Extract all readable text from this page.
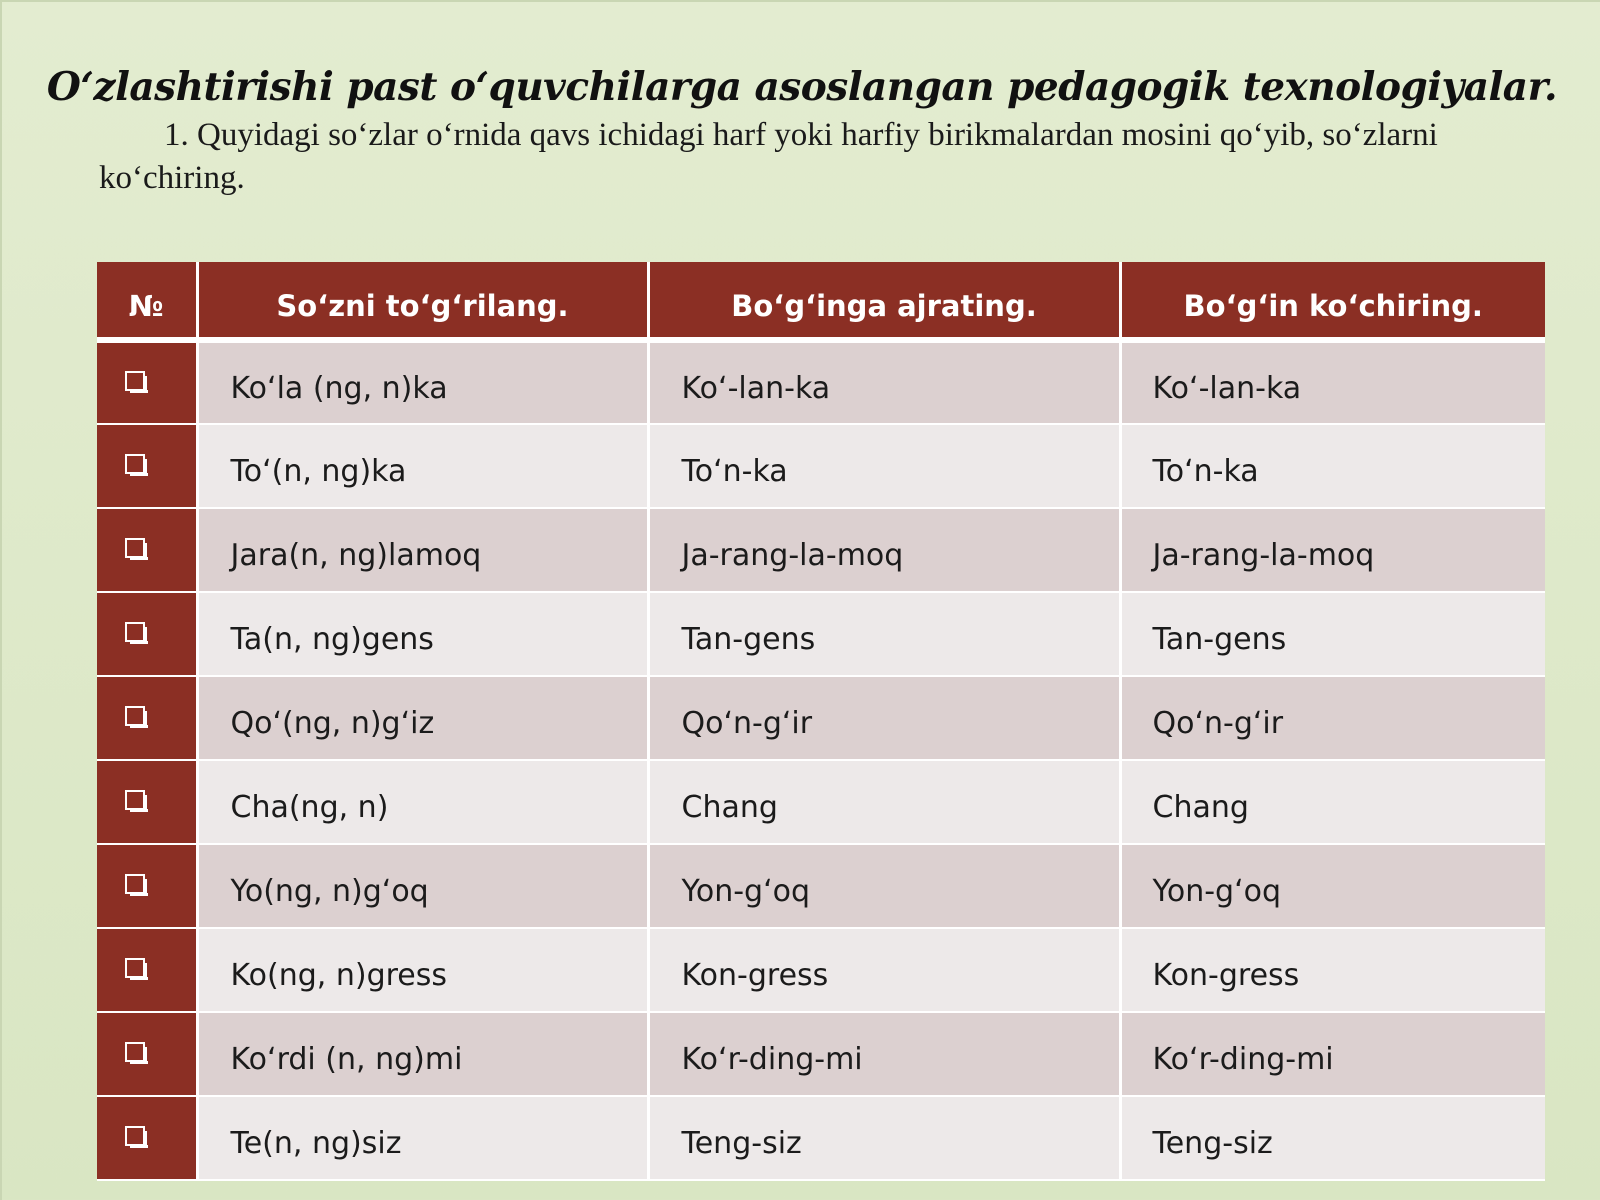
O‘zlashtirishi past o‘quvchilarga asoslangan pedagogik texnologiyalar.

1. Quyidagi so‘zlar o‘rnida qavs ichidagi harf yoki harfiy birikmalardan mosini qo‘yib, so‘zlarni ko‘chiring.

№	So‘zni to‘g‘rilang.	Bo‘g‘inga ajrating.	Bo‘g‘in ko‘chiring.
	Ko‘la (ng, n)ka	Ko‘-lan-ka	Ko‘-lan-ka
	To‘(n, ng)ka	To‘n-ka	To‘n-ka
	Jara(n, ng)lamoq	Ja-rang-la-moq	Ja-rang-la-moq
	Ta(n, ng)gens	Tan-gens	Tan-gens
	Qo‘(ng, n)g‘iz	Qo‘n-g‘ir	Qo‘n-g‘ir
	Cha(ng, n)	Chang	Chang
	Yo(ng, n)g‘oq	Yon-g‘oq	Yon-g‘oq
	Ko(ng, n)gress	Kon-gress	Kon-gress
	Ko‘rdi (n, ng)mi	Ko‘r-ding-mi	Ko‘r-ding-mi
	Te(n, ng)siz	Teng-siz	Teng-siz
